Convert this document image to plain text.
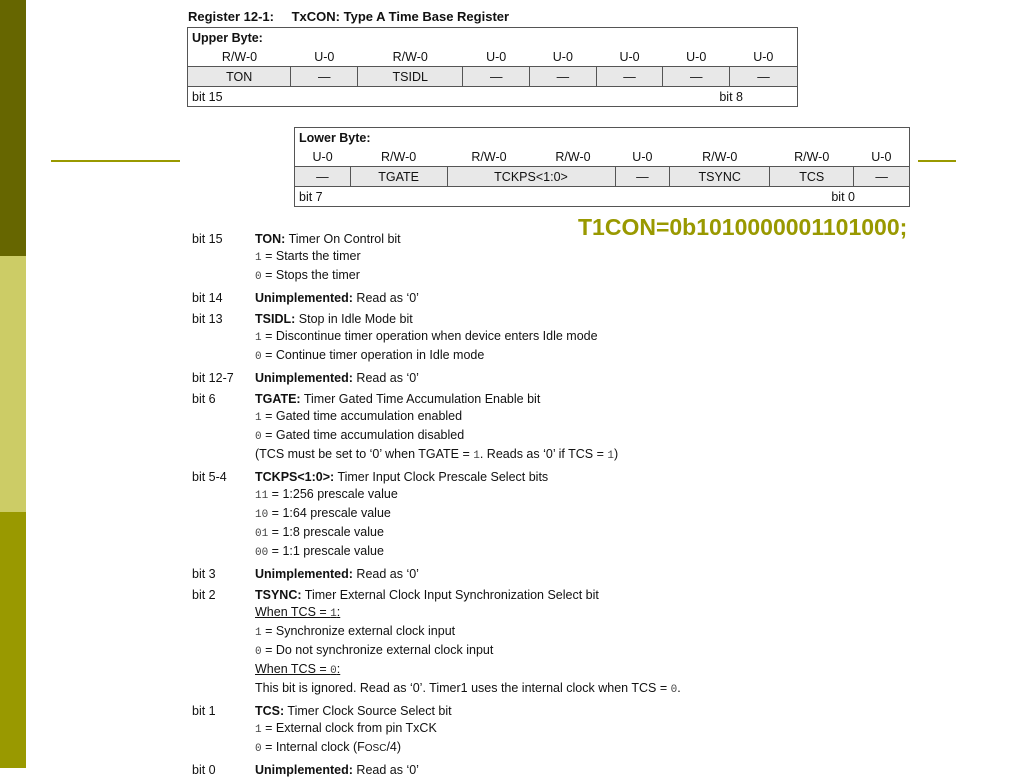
Register 12-1: TxCON: Type A Time Base Register
Upper Byte:							
R/W-0	U-0	R/W-0	U-0	U-0	U-0	U-0	U-0
TON	—	TSIDL	—	—	—	—	—

bit 15 bit 8							
Lower Byte:							
U-0	R/W-0	R/W-0	R/W-0	U-0	R/W-0	R/W-0	U-0
—	TGATE	TCKPS<1:0>		—	TSYNC	TCS	—

bit 7 bit 0							
T1CON=0b1010000001101000;
bit 15	TON: Timer On Control bit
1 = Starts the timer
0 = Stops the timer
bit 14	Unimplemented: Read as ‘0’
bit 13	TSIDL: Stop in Idle Mode bit
1 = Discontinue timer operation when device enters Idle mode
0 = Continue timer operation in Idle mode
bit 12-7	Unimplemented: Read as ‘0’
bit 6	TGATE: Timer Gated Time Accumulation Enable bit
1 = Gated time accumulation enabled
0 = Gated time accumulation disabled
(TCS must be set to ‘0’ when TGATE = 1. Reads as ‘0’ if TCS = 1)
bit 5-4	TCKPS<1:0>: Timer Input Clock Prescale Select bits
11 = 1:256 prescale value
10 = 1:64 prescale value
01 = 1:8 prescale value
00 = 1:1 prescale value
bit 3	Unimplemented: Read as ‘0’
bit 2	TSYNC: Timer External Clock Input Synchronization Select bit
When TCS = 1:
1 = Synchronize external clock input
0 = Do not synchronize external clock input
When TCS = 0:
This bit is ignored. Read as ‘0’. Timer1 uses the internal clock when TCS = 0.
bit 1	TCS: Timer Clock Source Select bit
1 = External clock from pin TxCK
0 = Internal clock (FOSC/4)
bit 0	Unimplemented: Read as ‘0’
